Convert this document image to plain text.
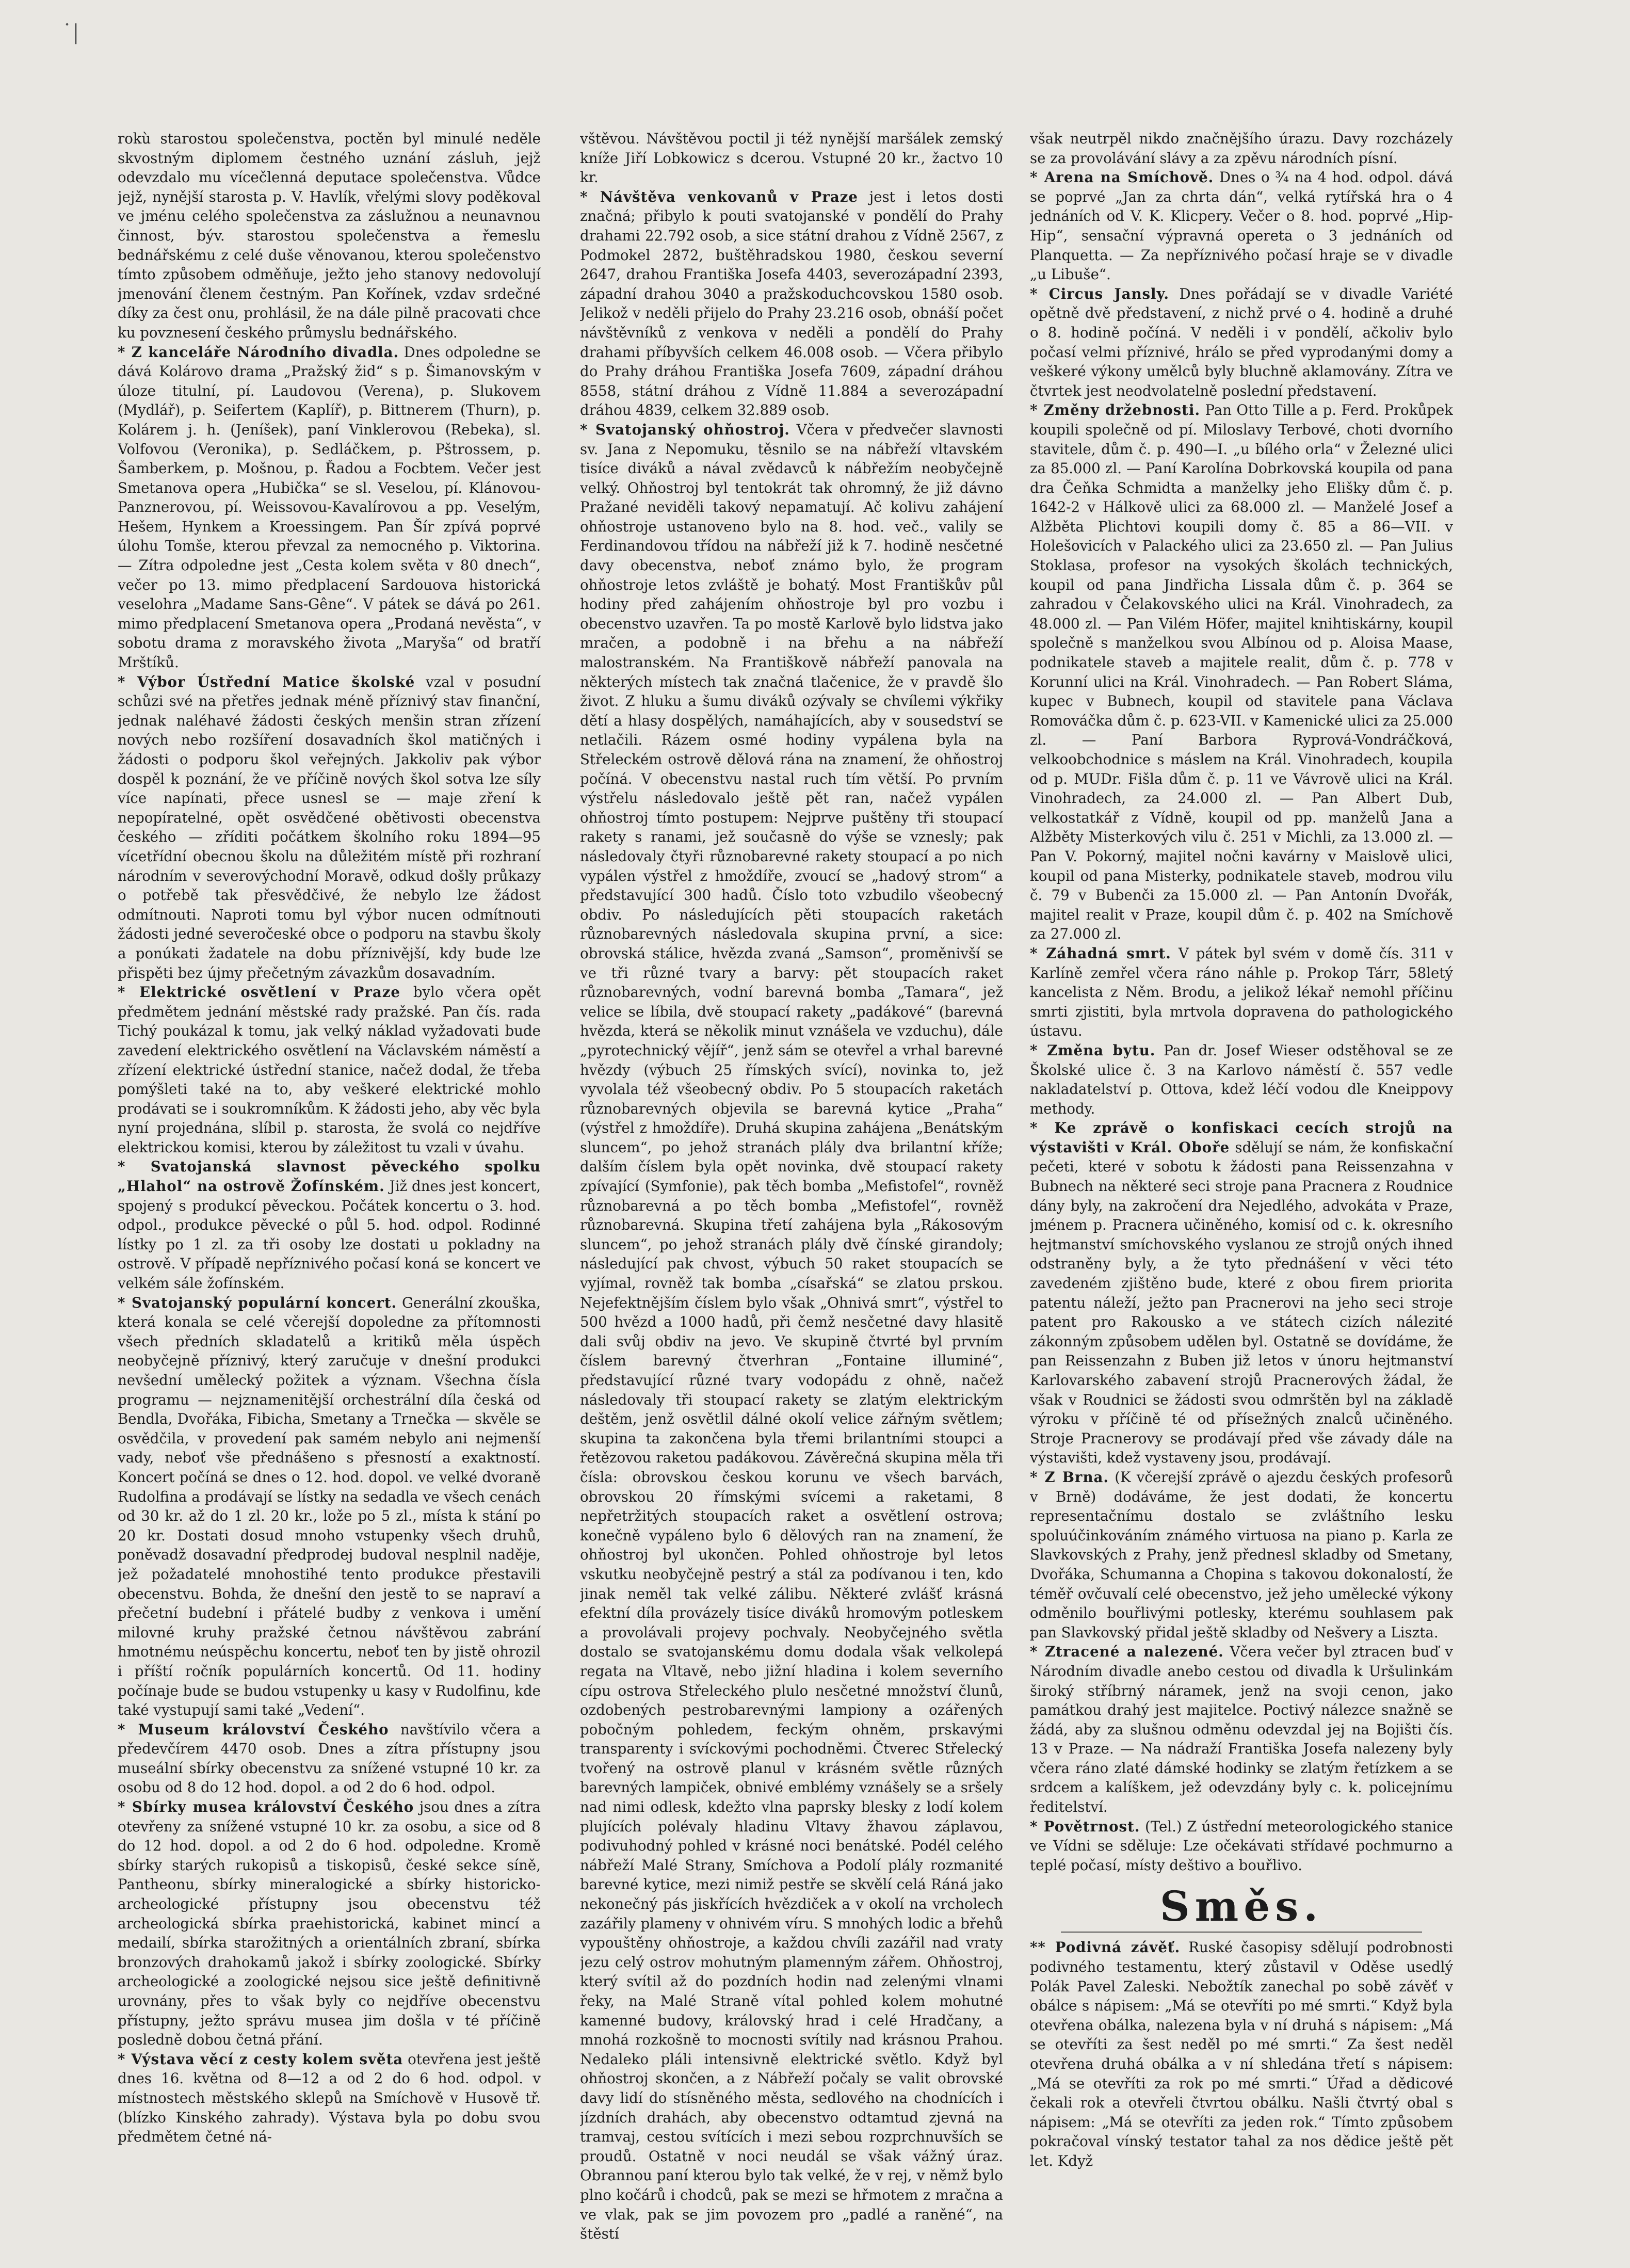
˙|

rokù starostou společenstva, poctěn byl minulé neděle skvostným diplomem čestného uznání zásluh, jejž odevzdalo mu vícečlenná deputace společenstva. Vůdce jejž, nynější starosta p. V. Havlík, vřelými slovy poděkoval ve jménu celého společenstva za záslužnou a neunavnou činnost, býv. starostou společenstva a řemeslu bednářskému z celé duše věnovanou, kterou společenstvo tímto způsobem odměňuje, ježto jeho stanovy nedovolují jmenování členem čestným. Pan Kořínek, vzdav srdečné díky za čest onu, prohlásil, že na dále pilně pracovati chce ku povznesení českého průmyslu bednářského.

* Z kanceláře Národního divadla. Dnes odpoledne se dává Kolárovo drama „Pražský žid“ s p. Šimanovským v úloze titulní, pí. Laudovou (Verena), p. Slukovem (Mydlář), p. Seifertem (Kaplíř), p. Bittnerem (Thurn), p. Kolárem j. h. (Jeníšek), paní Vinklerovou (Rebeka), sl. Volfovou (Veronika), p. Sedláčkem, p. Pštrossem, p. Šamberkem, p. Mošnou, p. Řadou a Focbtem. Večer jest Smetanova opera „Hubička“ se sl. Veselou, pí. Klánovou-Panznerovou, pí. Weissovou-Kavalírovou a pp. Veselým, Hešem, Hynkem a Kroessingem. Pan Šír zpívá poprvé úlohu Tomše, kterou převzal za nemocného p. Viktorina. — Zítra odpoledne jest „Cesta kolem světa v 80 dnech“, večer po 13. mimo předplacení Sardouova historická veselohra „Madame Sans-Gêne“. V pátek se dává po 261. mimo předplacení Smetanova opera „Prodaná nevěsta“, v sobotu drama z moravského života „Maryša“ od bratří Mrštíků.

* Výbor Ústřední Matice školské vzal v posudní schůzi své na přetřes jednak méně příznivý stav finanční, jednak naléhavé žádosti českých menšin stran zřízení nových nebo rozšíření dosavadních škol matičných i žádosti o podporu škol veřejných. Jakkoliv pak výbor dospěl k poznání, že ve příčině nových škol sotva lze síly více napínati, přece usnesl se — maje zření k nepopíratelné, opět osvědčené obětivosti obecenstva českého — zříditi počátkem školního roku 1894—95 vícetřídní obecnou školu na důležitém místě při rozhraní národním v severovýchodní Moravě, odkud došly průkazy o potřebě tak přesvědčivé, že nebylo lze žádost odmítnouti. Naproti tomu byl výbor nucen odmítnouti žádosti jedné severočeské obce o podporu na stavbu školy a ponúkati žadatele na dobu příznivější, kdy bude lze přispěti bez újmy přečetným závazkům dosavadním.

* Elektrické osvětlení v Praze bylo včera opět předmětem jednání městské rady pražské. Pan čís. rada Tichý poukázal k tomu, jak velký náklad vyžadovati bude zavedení elektrického osvětlení na Václavském náměstí a zřízení elektrické ústřední stanice, načež dodal, že třeba pomýšleti také na to, aby veškeré elektrické mohlo prodávati se i soukromníkům. K žádosti jeho, aby věc byla nyní projednána, slíbil p. starosta, že svolá co nejdříve elektrickou komisi, kterou by záležitost tu vzali v úvahu.

* Svatojanská slavnost pěveckého spolku „Hlahol“ na ostrově Žofínském. Již dnes jest koncert, spojený s produkcí pěveckou. Počátek koncertu o 3. hod. odpol., produkce pěvecké o půl 5. hod. odpol. Rodinné lístky po 1 zl. za tři osoby lze dostati u pokladny na ostrově. V případě nepříznivého počasí koná se koncert ve velkém sále žofínském.

* Svatojanský populární koncert. Generální zkouška, která konala se celé včerejší dopoledne za přítomnosti všech předních skladatelů a kritiků měla úspěch neobyčejně příznivý, který zaručuje v dnešní produkci nevšední umělecký požitek a význam. Všechna čísla programu — nejznamenitější orchestrální díla česká od Bendla, Dvořáka, Fibicha, Smetany a Trnečka — skvěle se osvědčila, v provedení pak samém nebylo ani nejmenší vady, neboť vše přednášeno s přesností a exaktností. Koncert počíná se dnes o 12. hod. dopol. ve velké dvoraně Rudolfina a prodávají se lístky na sedadla ve všech cenách od 30 kr. až do 1 zl. 20 kr., lože po 5 zl., místa k stání po 20 kr. Dostati dosud mnoho vstupenky všech druhů, poněvadž dosavadní předprodej budoval nesplnil naděje, jež požadatelé mnohostihé tento produkce přestavili obecenstvu. Bohda, že dnešní den jestě to se napraví a přečetní budební i přátelé budby z venkova i umění milovné kruhy pražské četnou návštěvou zabrání hmotnému neúspěchu koncertu, neboť ten by jistě ohrozil i příští ročník populárních koncertů. Od 11. hodiny počínaje bude se budou vstupenky u kasy v Rudolfinu, kde také vystupují sami také „Vedení“.

* Museum království Českého navštívilo včera a předevčírem 4470 osob. Dnes a zítra přístupny jsou museální sbírky obecenstvu za snížené vstupné 10 kr. za osobu od 8 do 12 hod. dopol. a od 2 do 6 hod. odpol.

* Sbírky musea království Českého jsou dnes a zítra otevřeny za snížené vstupné 10 kr. za osobu, a sice od 8 do 12 hod. dopol. a od 2 do 6 hod. odpoledne. Kromě sbírky starých rukopisů a tiskopisů, české sekce síně, Pantheonu, sbírky mineralogické a sbírky historicko-archeologické přístupny jsou obecenstvu též archeologická sbírka praehistorická, kabinet mincí a medailí, sbírka starožitných a orientálních zbraní, sbírka bronzových drahokamů jakož i sbírky zoologické. Sbírky archeologické a zoologické nejsou sice ještě definitivně urovnány, přes to však byly co nejdříve obecenstvu přístupny, ježto správu musea jim došla v té příčině posledně dobou četná přání.

* Výstava věcí z cesty kolem světa otevřena jest ještě dnes 16. května od 8—12 a od 2 do 6 hod. odpol. v místnostech městského sklepů na Smíchově v Husově tř. (blízko Kinského zahrady). Výstava byla po dobu svou předmětem četné ná-

vštěvou. Návštěvou poctil ji též nynější maršálek zemský kníže Jiří Lobkowicz s dcerou. Vstupné 20 kr., žactvo 10 kr.

* Návštěva venkovanů v Praze jest i letos dosti značná; přibylo k pouti svatojanské v pondělí do Prahy drahami 22.792 osob, a sice státní drahou z Vídně 2567, z Podmokel 2872, buštěhradskou 1980, českou severní 2647, drahou Františka Josefa 4403, severozápadní 2393, západní drahou 3040 a pražskoduchcovskou 1580 osob. Jelikož v neděli přijelo do Prahy 23.216 osob, obnáší počet návštěvníků z venkova v neděli a pondělí do Prahy drahami příbyvších celkem 46.008 osob. — Včera přibylo do Prahy dráhou Františka Josefa 7609, západní dráhou 8558, státní dráhou z Vídně 11.884 a severozápadní dráhou 4839, celkem 32.889 osob.

* Svatojanský ohňostroj. Včera v předvečer slavnosti sv. Jana z Nepomuku, těsnilo se na nábřeží vltavském tisíce diváků a nával zvědavců k nábřežím neobyčejně velký. Ohňostroj byl tentokrát tak ohromný, že již dávno Pražané neviděli takový nepamatují. Ač kolivu zahájení ohňostroje ustanoveno bylo na 8. hod. več., valily se Ferdinandovou třídou na nábřeží již k 7. hodině nesčetné davy obecenstva, neboť známo bylo, že program ohňostroje letos zvláště je bohatý. Most Františkův půl hodiny před zahájením ohňostroje byl pro vozbu i obecenstvo uzavřen. Ta po mostě Karlově bylo lidstva jako mračen, a podobně i na břehu a na nábřeží malostranském. Na Františkově nábřeží panovala na některých místech tak značná tlačenice, že v pravdě šlo život. Z hluku a šumu diváků ozývaly se chvílemi výkřiky dětí a hlasy dospělých, namáhajících, aby v sousedství se netlačili. Rázem osmé hodiny vypálena byla na Střeleckém ostrově dělová rána na znamení, že ohňostroj počíná. V obecenstvu nastal ruch tím větší. Po prvním výstřelu následovalo ještě pět ran, načež vypálen ohňostroj tímto postupem: Nejprve puštěny tři stoupací rakety s ranami, jež současně do výše se vznesly; pak následovaly čtyři různobarevné rakety stoupací a po nich vypálen výstřel z hmoždíře, zvoucí se „hadový strom“ a představující 300 hadů. Číslo toto vzbudilo všeobecný obdiv. Po následujících pěti stoupacích raketách různobarevných následovala skupina první, a sice: obrovská stálice, hvězda zvaná „Samson“, proměnivší se ve tři různé tvary a barvy: pět stoupacích raket různobarevných, vodní barevná bomba „Tamara“, jež velice se líbila, dvě stoupací rakety „padákové“ (barevná hvězda, která se několik minut vznášela ve vzduchu), dále „pyrotechnický vějíř“, jenž sám se otevřel a vrhal barevné hvězdy (výbuch 25 římských svící), novinka to, jež vyvolala též všeobecný obdiv. Po 5 stoupacích raketách různobarevných objevila se barevná kytice „Praha“ (výstřel z hmoždíře). Druhá skupina zahájena „Benátským sluncem“, po jehož stranách plály dva brilantní kříže; dalším číslem byla opět novinka, dvě stoupací rakety zpívající (Symfonie), pak těch bomba „Mefistofel“, rovněž různobarevná a po těch bomba „Mefistofel“, rovněž různobarevná. Skupina třetí zahájena byla „Rákosovým sluncem“, po jehož stranách plály dvě čínské girandoly; následující pak chvost, výbuch 50 raket stoupacích se vyjímal, rovněž tak bomba „císařská“ se zlatou prskou. Nejefektnějším číslem bylo však „Ohnivá smrt“, výstřel to 500 hvězd a 1000 hadů, při čemž nesčetné davy hlasitě dali svůj obdiv na jevo. Ve skupině čtvrté byl prvním číslem barevný čtverhran „Fontaine illuminé“, představující různé tvary vodopádu z ohně, načež následovaly tři stoupací rakety se zlatým elektrickým deštěm, jenž osvětlil dálné okolí velice zářným světlem; skupina ta zakončena byla třemi brilantními stoupci a řetězovou raketou padákovou. Závěrečná skupina měla tři čísla: obrovskou českou korunu ve všech barvách, obrovskou 20 římskými svícemi a raketami, 8 nepřetržitých stoupacích raket a osvětlení ostrova; konečně vypáleno bylo 6 dělových ran na znamení, že ohňostroj byl ukončen. Pohled ohňostroje byl letos vskutku neobyčejně pestrý a stál za podívanou i ten, kdo jinak neměl tak velké zálibu. Některé zvlášť krásná efektní díla provázely tisíce diváků hromovým potleskem a provolávali projevy pochvaly. Neobyčejného světla dostalo se svatojanskému domu dodala však velkolepá regata na Vltavě, nebo jižní hladina i kolem severního cípu ostrova Střeleckého plulo nesčetné množství člunů, ozdobených pestrobarevnými lampiony a ozářených pobočným pohledem, feckým ohněm, prskavými transparenty i svíckovými pochodněmi. Čtverec Střelecký tvořený na ostrově planul v krásném světle různých barevných lampiček, obnivé emblémy vznášely se a sršely nad nimi odlesk, kdežto vlna paprsky blesky z lodí kolem plujících polévaly hladinu Vltavy žhavou záplavou, podivuhodný pohled v krásné noci benátské. Podél celého nábřeží Malé Strany, Smíchova a Podolí plály rozmanité barevné kytice, mezi nimiž pestře se skvělí celá Ráná jako nekonečný pás jiskřících hvězdiček a v okolí na vrcholech zazářily plameny v ohnivém víru. S mnohých lodic a břehů vypouštěny ohňostroje, a každou chvíli zazářil nad vraty jezu celý ostrov mohutným plamenným zářem. Ohňostroj, který svítil až do pozdních hodin nad zelenými vlnami řeky, na Malé Straně vítal pohled kolem mohutné kamenné budovy, královský hrad i celé Hradčany, a mnohá rozkošně to mocnosti svítily nad krásnou Prahou. Nedaleko pláli intensivně elektrické světlo. Když byl ohňostroj skončen, a z Nábřeží počaly se valit obrovské davy lidí do stísněného města, sedlového na chodnících i jízdních drahách, aby obecenstvo odtamtud zjevná na tramvaj, cestou svítících i mezi sebou rozprchnuvších se proudů. Ostatně v noci neudál se však vážný úraz. Obrannou paní kterou bylo tak velké, že v rej, v němž bylo plno kočárů i chodců, pak se mezi se hřmotem z mračna a ve vlak, pak se jim povozem pro „padlé a raněné“, na štěstí

však neutrpěl nikdo značnějšího úrazu. Davy rozcházely se za provolávání slávy a za zpěvu národních písní.

* Arena na Smíchově. Dnes o ¾ na 4 hod. odpol. dává se poprvé „Jan za chrta dán“, velká rytířská hra o 4 jednáních od V. K. Klicpery. Večer o 8. hod. poprvé „Hip-Hip“, sensační výpravná opereta o 3 jednáních od Planquetta. — Za nepříznivého počasí hraje se v divadle „u Libuše“.

* Circus Jansly. Dnes pořádají se v divadle Variété opětně dvě představení, z nichž prvé o 4. hodině a druhé o 8. hodině počíná. V neděli i v pondělí, ačkoliv bylo počasí velmi příznivé, hrálo se před vyprodanými domy a veškeré výkony umělců byly bluchně aklamovány. Zítra ve čtvrtek jest neodvolatelně poslední představení.

* Změny držebnosti. Pan Otto Tille a p. Ferd. Prokůpek koupili společně od pí. Miloslavy Terbové, choti dvorního stavitele, dům č. p. 490—I. „u bílého orla“ v Železné ulici za 85.000 zl. — Paní Karolína Dobrkovská koupila od pana dra Čeňka Schmidta a manželky jeho Elišky dům č. p. 1642-2 v Hálkově ulici za 68.000 zl. — Manželé Josef a Alžběta Plichtovi koupili domy č. 85 a 86—VII. v Holešovicích v Palackého ulici za 23.650 zl. — Pan Julius Stoklasa, profesor na vysokých školách technických, koupil od pana Jindřicha Lissala dům č. p. 364 se zahradou v Čelakovského ulici na Král. Vinohradech, za 48.000 zl. — Pan Vilém Höfer, majitel knihtiskárny, koupil společně s manželkou svou Albínou od p. Aloisa Maase, podnikatele staveb a majitele realit, dům č. p. 778 v Korunní ulici na Král. Vinohradech. — Pan Robert Sláma, kupec v Bubnech, koupil od stavitele pana Václava Romováčka dům č. p. 623-VII. v Kamenické ulici za 25.000 zl. — Paní Barbora Ryprová-Vondráčková, velkoobchodnice s máslem na Král. Vinohradech, koupila od p. MUDr. Fišla dům č. p. 11 ve Vávrově ulici na Král. Vinohradech, za 24.000 zl. — Pan Albert Dub, velkostatkář z Vídně, koupil od pp. manželů Jana a Alžběty Misterkových vilu č. 251 v Michli, za 13.000 zl. — Pan V. Pokorný, majitel nočni kavárny v Maislově ulici, koupil od pana Misterky, podnikatele staveb, modrou vilu č. 79 v Bubenči za 15.000 zl. — Pan Antonín Dvořák, majitel realit v Praze, koupil dům č. p. 402 na Smíchově za 27.000 zl.

* Záhadná smrt. V pátek byl svém v domě čís. 311 v Karlíně zemřel včera ráno náhle p. Prokop Tárr, 58letý kancelista z Něm. Brodu, a jelikož lékař nemohl příčinu smrti zjistiti, byla mrtvola dopravena do pathologického ústavu.

* Změna bytu. Pan dr. Josef Wieser odstěhoval se ze Školské ulice č. 3 na Karlovo náměstí č. 557 vedle nakladatelství p. Ottova, kdež léčí vodou dle Kneippovy methody.

* Ke zprávě o konfiskaci cecích strojů na výstavišti v Král. Obořе sdělují se nám, že konfiskační pečeti, které v sobotu k žádosti pana Reissenzahna v Bubnech na některé seci stroje pana Pracnera z Roudnice dány byly, na zakročení dra Nejedlého, advokáta v Praze, jménem p. Pracnera učiněného, komisí od c. k. okresního hejtmanství smíchovského vyslanou ze strojů oných ihned odstraněny byly, a že tyto přednášení v věci této zavedeném zjištěno bude, které z obou firem priorita patentu náleží, ježto pan Pracnerovi na jeho seci stroje patent pro Rakousko a ve státech cizích nálezité zákonným způsobem udělen byl. Ostatně se dovídáme, že pan Reissenzahn z Buben již letos v únoru hejtmanství Karlovarského zabavení strojů Pracnerových žádal, že však v Roudnici se žádosti svou odmrštěn byl na základě výroku v příčině té od přísežných znalců učiněného. Stroje Pracnerovy se prodávají před vše závady dále na výstavišti, kdež vystaveny jsou, prodávají.

* Z Brna. (K včerejší zprávě o ajezdu českých profesorů v Brně) dodáváme, že jest dodati, že koncertu representačnímu dostalo se zvláštního lesku spoluúčinkováním známého virtuosa na piano p. Karla ze Slavkovských z Prahy, jenž přednesl skladby od Smetany, Dvořáka, Schumanna a Chopina s takovou dokonalostí, že téměř ovčuvalí celé obecenstvo, jež jeho umělecké výkony odměnilo bouřlivými potlesky, kterému souhlasem pak pan Slavkovský přidal ještě skladby od Nešvery a Liszta.

* Ztracené a nalezené. Včera večer byl ztracen buď v Národním divadle anebo cestou od divadla k Uršulinkám široký stříbrný náramek, jenž na svoji cenon, jako památkou drahý jest majitelce. Poctivý nálezce snažně se žádá, aby za slušnou odměnu odevzdal jej na Bojišti čís. 13 v Praze. — Na nádraží Františka Josefa nalezeny byly včera ráno zlaté dámské hodinky se zlatým řetízkem a se srdcem a kalíškem, jež odevzdány byly c. k. policejnímu ředitelství.

* Povětrnost. (Tel.) Z ústřední meteorologického stanice ve Vídni se sděluje: Lze očekávati střídavé pochmurno a teplé počasí, místy deštivo a bouřlivo.

Směs.

** Podivná závěť. Ruské časopisy sdělují podrobnosti podivného testamentu, který zůstavil v Oděse usedlý Polák Pavel Zaleski. Nebožtík zanechal po sobě závěť v obálce s nápisem: „Má se otevříti po mé smrti.“ Když byla otevřena obálka, nalezena byla v ní druhá s nápisem: „Má se otevříti za šest neděl po mé smrti.“ Za šest neděl otevřena druhá obálka a v ní shledána třetí s nápisem: „Má se otevříti za rok po mé smrti.“ Úřad a dědicové čekali rok a otevřeli čtvrtou obálku. Našli čtvrtý obal s nápisem: „Má se otevříti za jeden rok.“ Tímto způsobem pokračoval vínský testator tahal za nos dědice ještě pět let. Když
